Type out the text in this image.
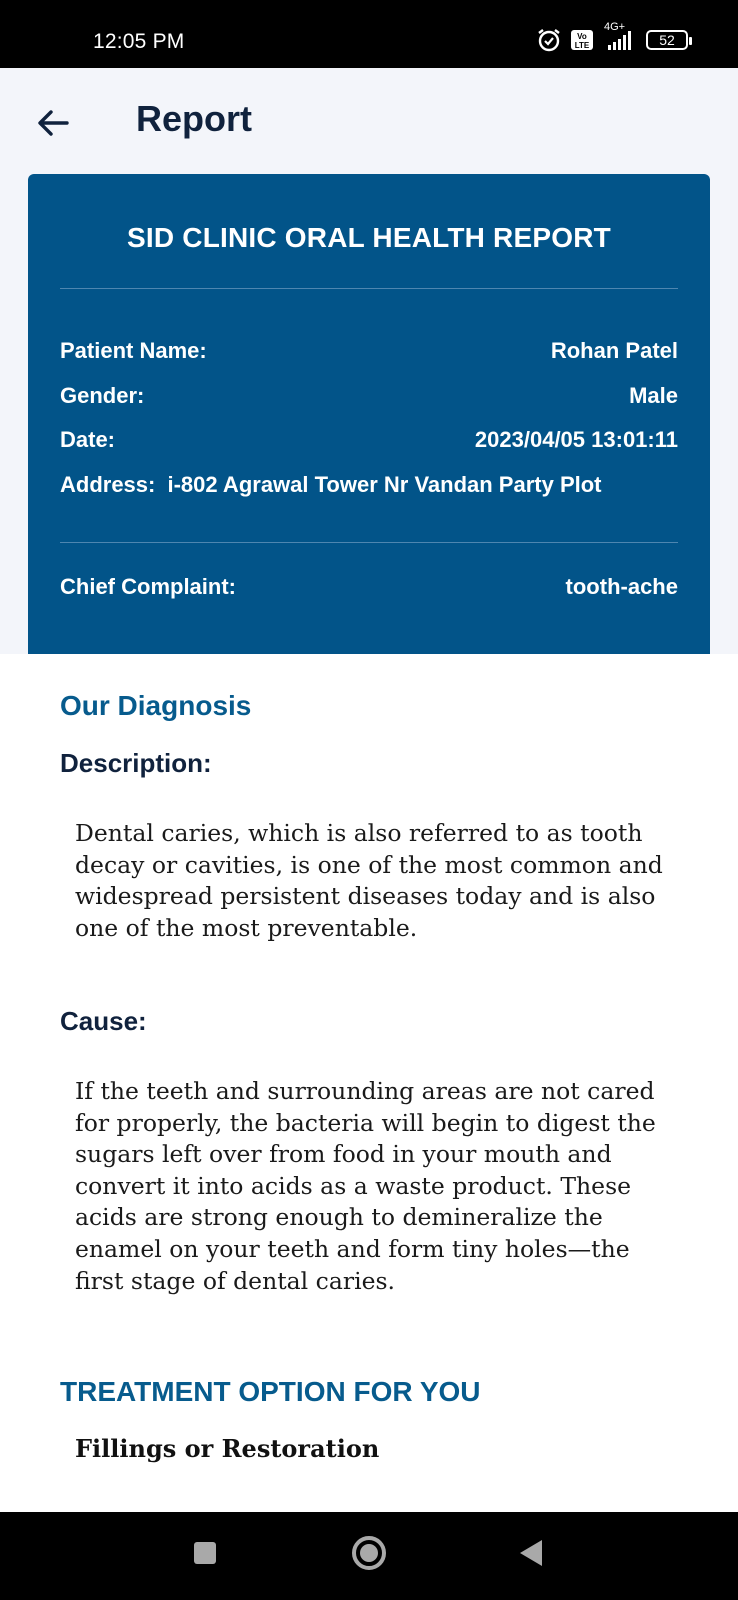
12:05 PM	Vo
LTE
4G+
52
Report
SID CLINIC ORAL HEALTH REPORT
Patient Name:	Rohan Patel
Gender:	Male
Date:	2023/04/05 13:01:11
Address: i-802 Agrawal Tower Nr Vandan Party Plot
Chief Complaint:	tooth-ache
Our Diagnosis
Description:
Dental caries, which is also referred to as tooth decay or cavities, is one of the most common and widespread persistent diseases today and is also one of the most preventable.
Cause:
If the teeth and surrounding areas are not cared for properly, the bacteria will begin to digest the sugars left over from food in your mouth and convert it into acids as a waste product. These acids are strong enough to demineralize the enamel on your teeth and form tiny holes—the first stage of dental caries.
TREATMENT OPTION FOR YOU
Fillings or Restoration
